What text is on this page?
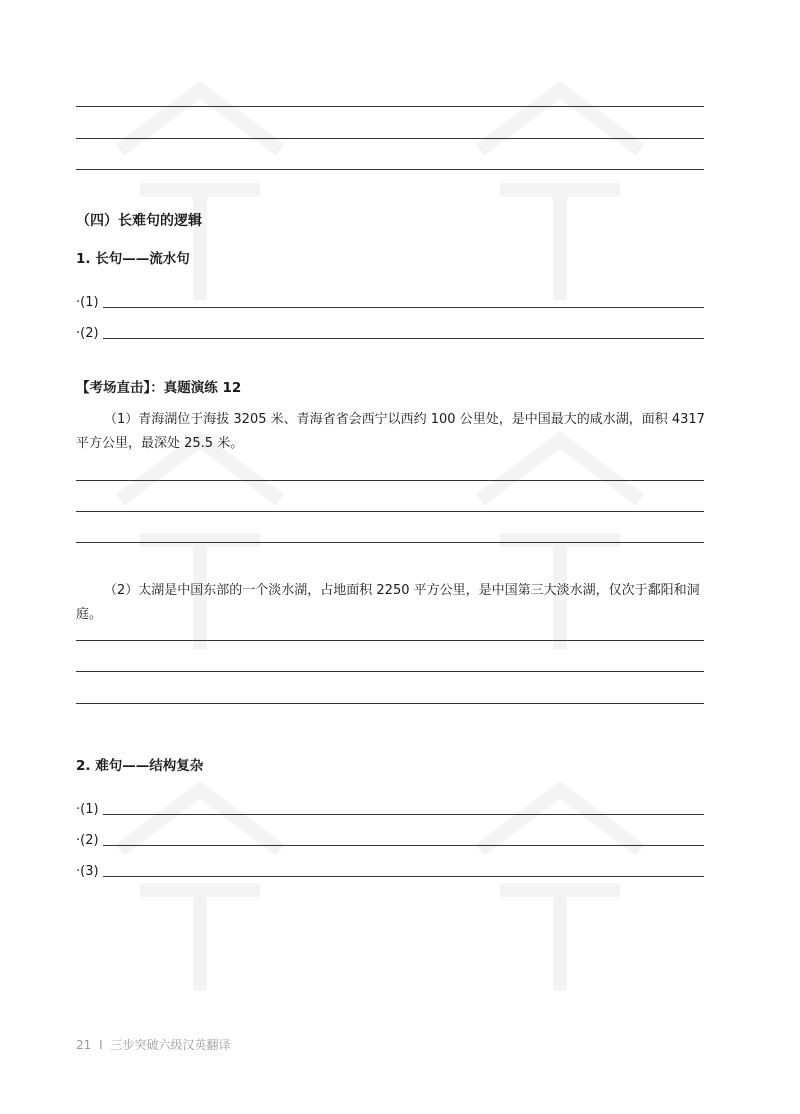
（四）长难句的逻辑
1. 长句——流水句
·(1)
·(2)
【考场直击】：真题演练 12
（1）青海湖位于海拔 3205 米、青海省省会西宁以西约 100 公里处，是中国最大的咸水湖，面积 4317 平方公里，最深处 25.5 米。
（2）太湖是中国东部的一个淡水湖，占地面积 2250 平方公里，是中国第三大淡水湖，仅次于鄱阳和洞庭。
2. 难句——结构复杂
·(1)
·(2)
·(3)
21 I 三步突破六级汉英翻译
